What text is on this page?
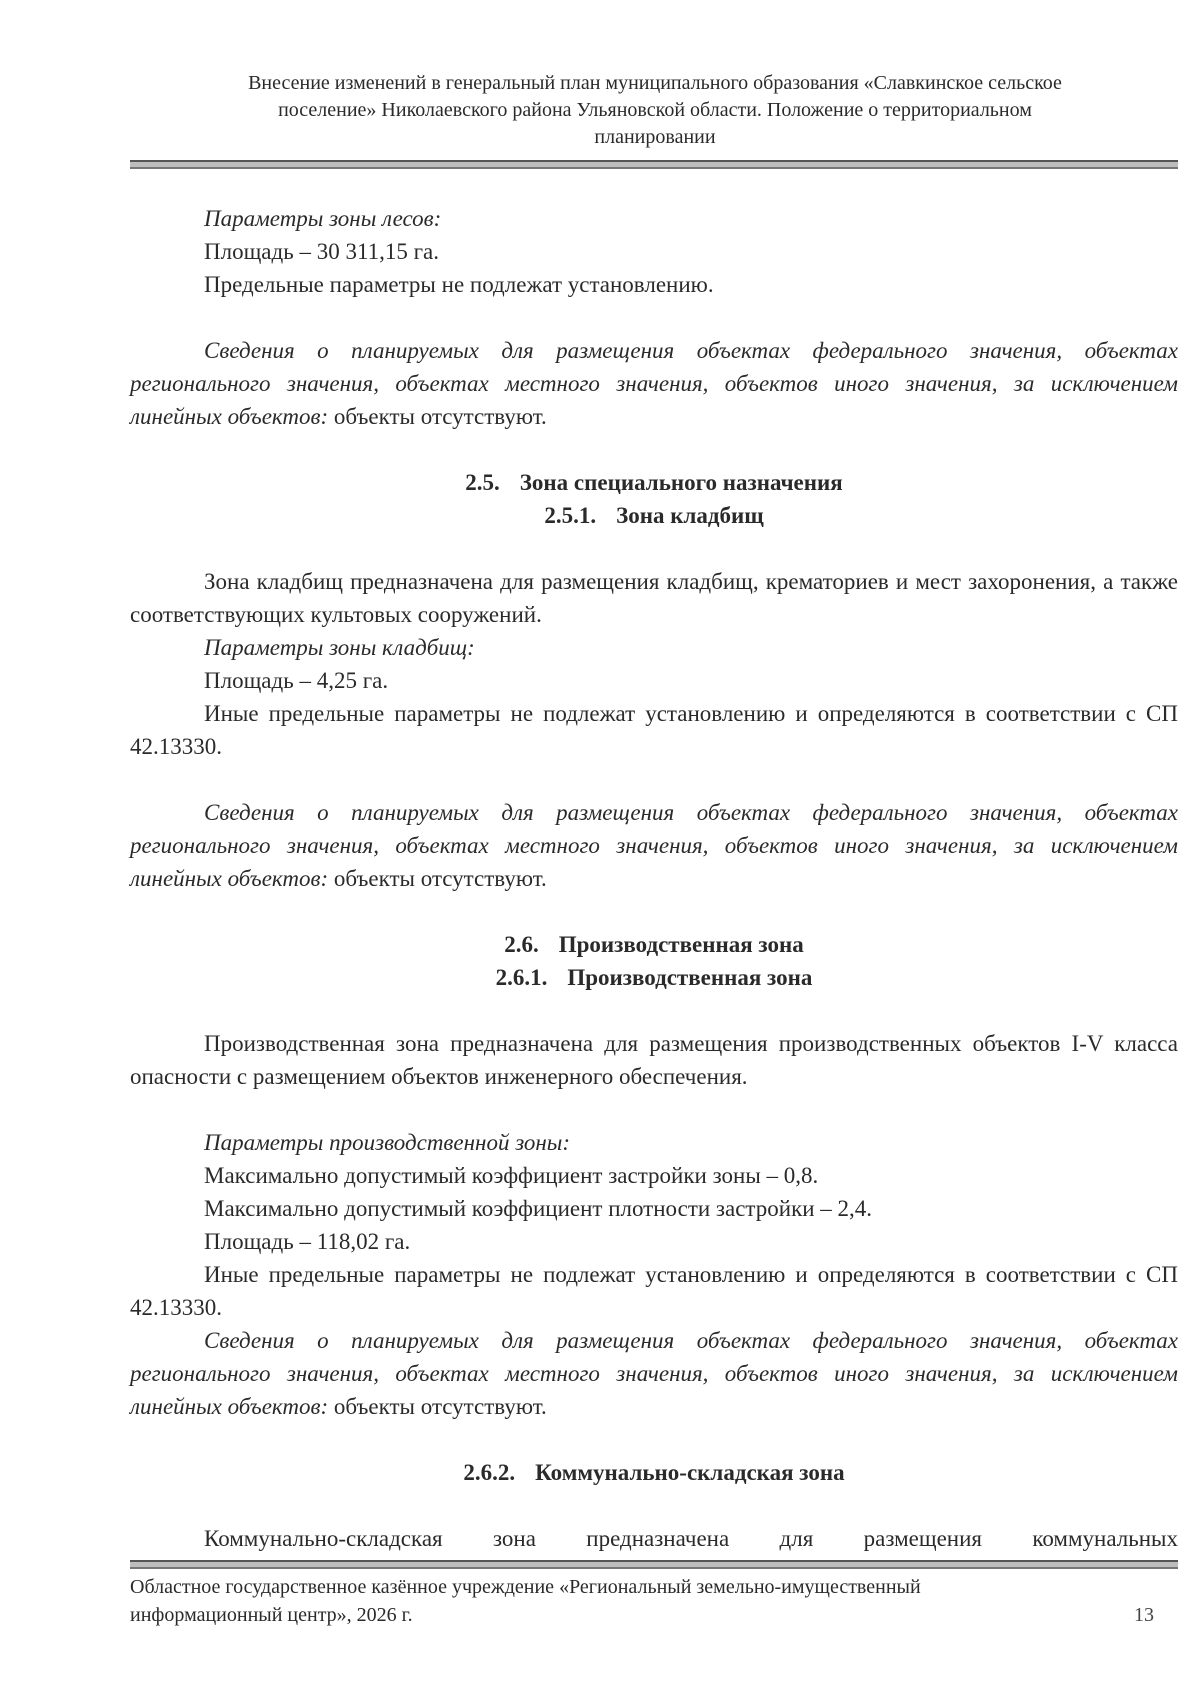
Внесение изменений в генеральный план муниципального образования «Славкинское сельское
поселение» Николаевского района Ульяновской области. Положение о территориальном
планировании

Параметры зоны лесов:

Площадь – 30 311,15 га.

Предельные параметры не подлежат установлению.

Сведения о планируемых для размещения объектах федерального значения, объектах регионального значения, объектах местного значения, объектов иного значения, за исключением линейных объектов: объекты отсутствуют.

2.5. Зона специального назначения
2.5.1. Зона кладбищ

Зона кладбищ предназначена для размещения кладбищ, крематориев и мест захоронения, а также соответствующих культовых сооружений.

Параметры зоны кладбищ:

Площадь – 4,25 га.

Иные предельные параметры не подлежат установлению и определяются в соответствии с СП 42.13330.

Сведения о планируемых для размещения объектах федерального значения, объектах регионального значения, объектах местного значения, объектов иного значения, за исключением линейных объектов: объекты отсутствуют.

2.6. Производственная зона
2.6.1. Производственная зона

Производственная зона предназначена для размещения производственных объектов I-V класса опасности с размещением объектов инженерного обеспечения.

Параметры производственной зоны:

Максимально допустимый коэффициент застройки зоны – 0,8.

Максимально допустимый коэффициент плотности застройки – 2,4.

Площадь – 118,02 га.

Иные предельные параметры не подлежат установлению и определяются в соответствии с СП 42.13330.

Сведения о планируемых для размещения объектах федерального значения, объектах регионального значения, объектах местного значения, объектов иного значения, за исключением линейных объектов: объекты отсутствуют.

2.6.2. Коммунально-складская зона

Коммунально-складская зона предназначена для размещения коммунальных

Областное государственное казённое учреждение «Региональный земельно-имущественный
информационный центр», 2026 г.	13
